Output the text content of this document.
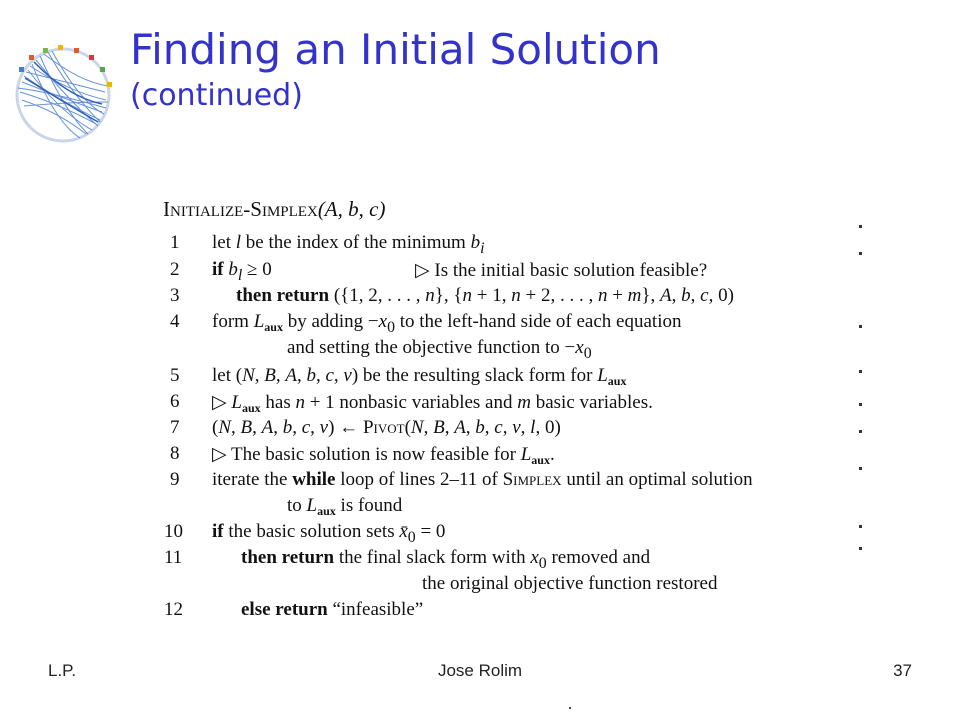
Finding an Initial Solution
(continued)
Initialize-Simplex(A, b, c)
1	let l be the index of the minimum $b_i$
2	if $b_l \ge 0$	▷ Is the initial basic solution feasible?
3	then return ({1, 2, . . . , n}, {n + 1, n + 2, . . . , n + m}, A, b, c, 0)
4	form $L_{aux}$ by adding $-x_0$ to the left-hand side of each equation
and setting the objective function to $-x_0$
5	let (N, B, A, b, c, v) be the resulting slack form for $L_{aux}$
6	▷ $L_{aux}$ has n + 1 nonbasic variables and m basic variables.
7	(N, B, A, b, c, v) ← Pivot(N, B, A, b, c, v, l, 0)
8	▷ The basic solution is now feasible for $L_{aux}$.
9	iterate the while loop of lines 2–11 of Simplex until an optimal solution
to $L_{aux}$ is found
10 if the basic solution sets $x̄_0 = 0$
11	then return the final slack form with $x_0$ removed and
the original objective function restored
12	else return “infeasible”
L.P.	Jose Rolim	37
